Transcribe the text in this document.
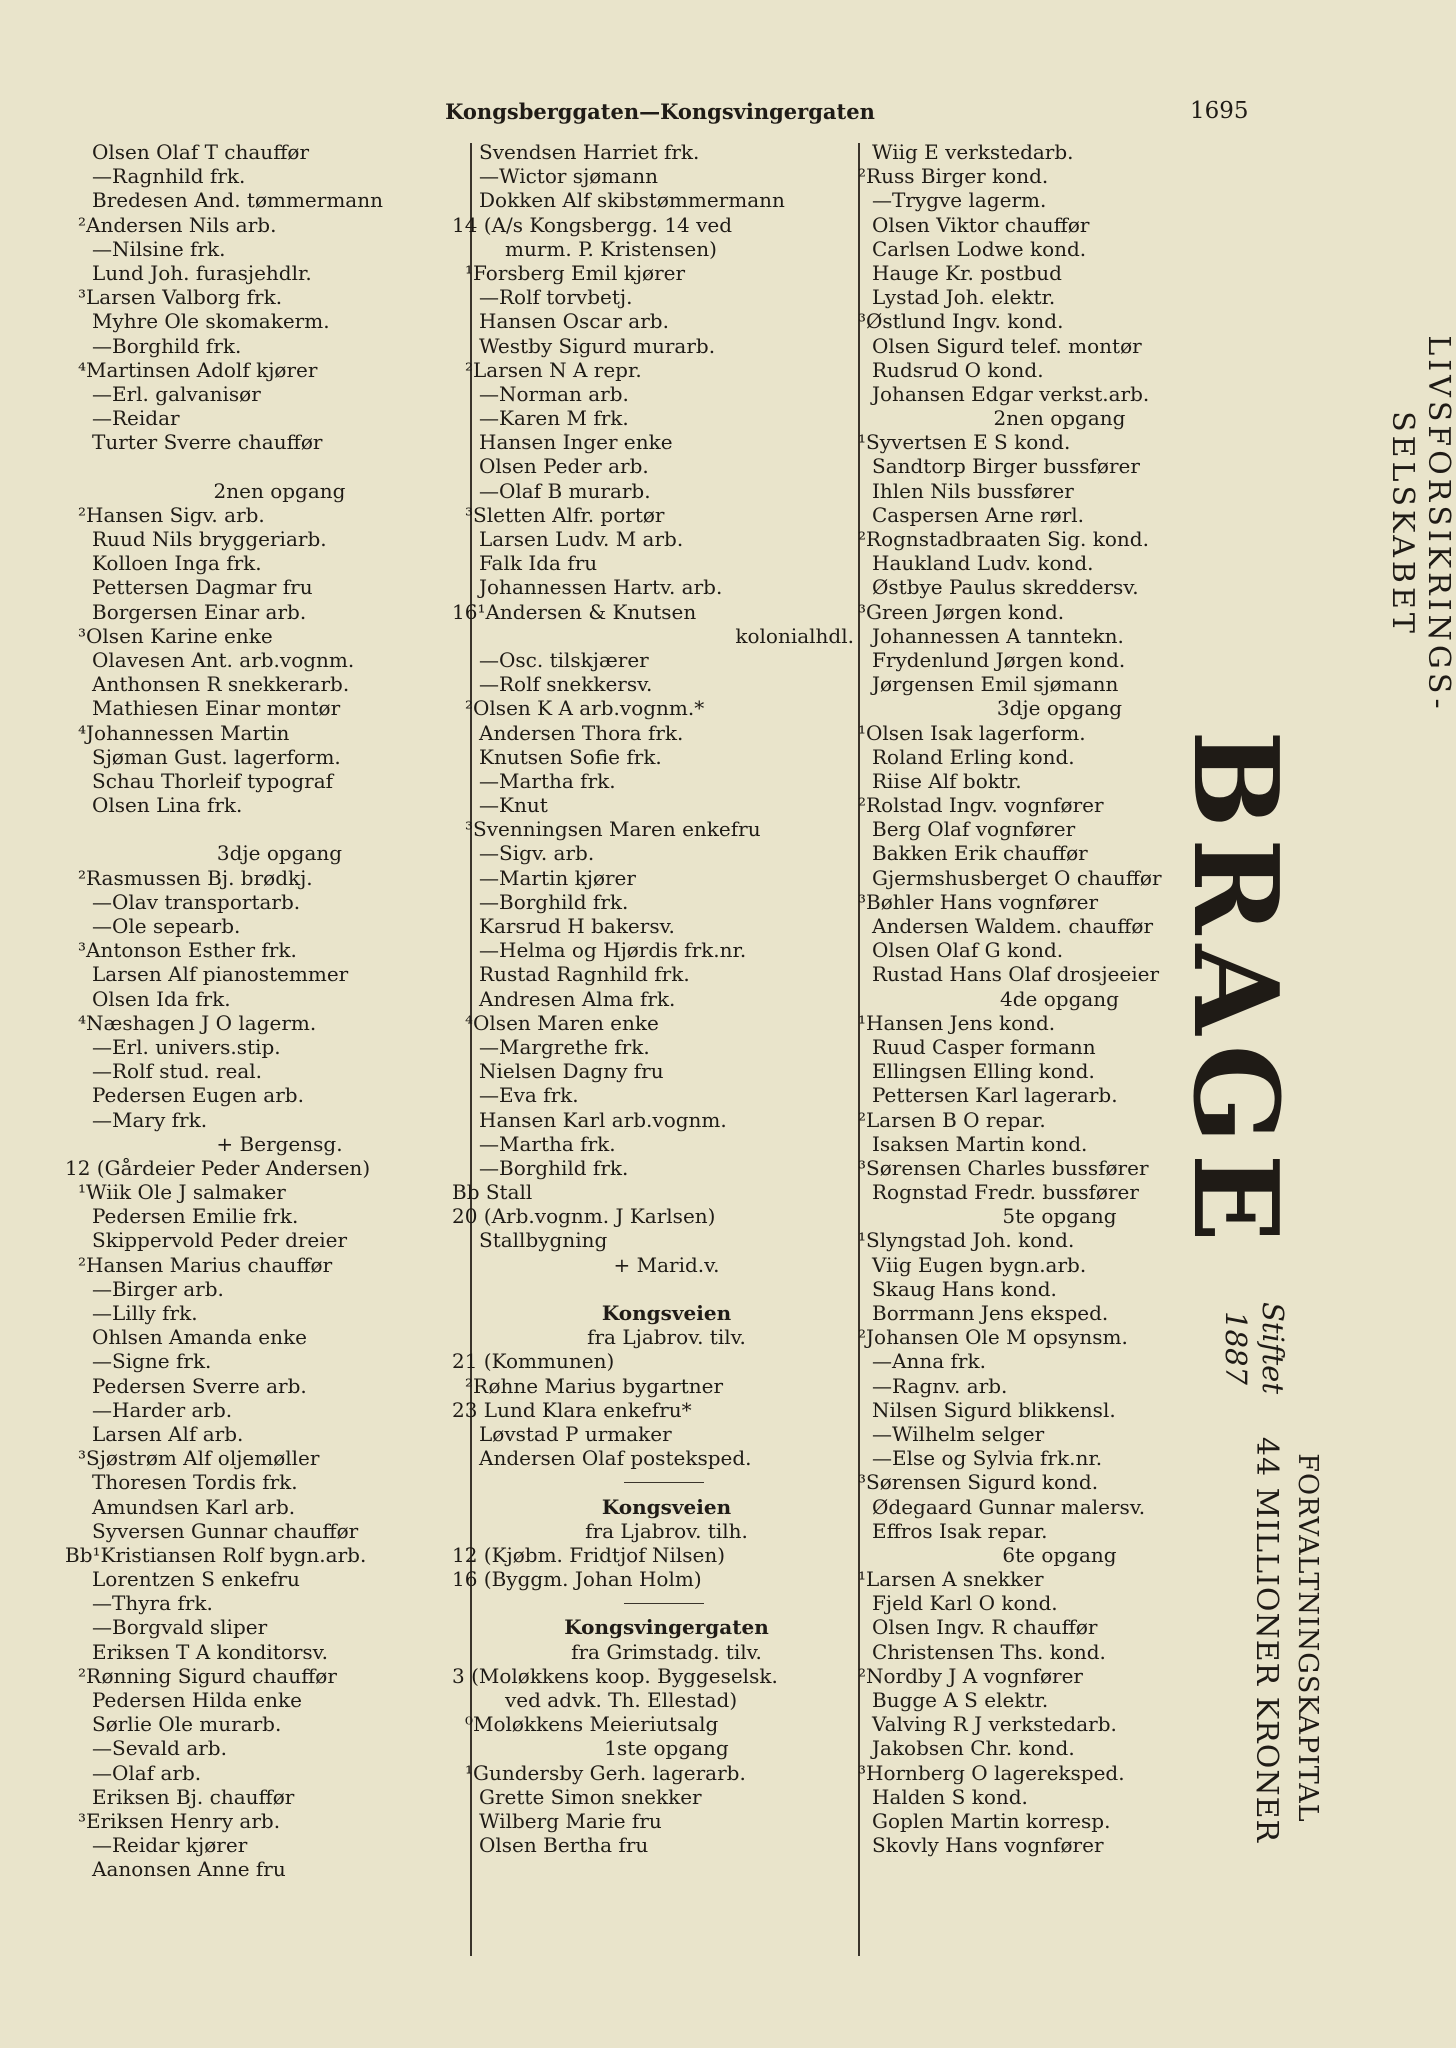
Kongsberggaten—Kongsvingergaten	1695
Olsen Olaf T chauffør
—Ragnhild frk.
Bredesen And. tømmermann
²Andersen Nils arb.
—Nilsine frk.
Lund Joh. furasjehdlr.
³Larsen Valborg frk.
Myhre Ole skomakerm.
—Borghild frk.
⁴Martinsen Adolf kjører
—Erl. galvanisør
—Reidar
Turter Sverre chauffør
2nen opgang
²Hansen Sigv. arb.
Ruud Nils bryggeriarb.
Kolloen Inga frk.
Pettersen Dagmar fru
Borgersen Einar arb.
³Olsen Karine enke
Olavesen Ant. arb.vognm.
Anthonsen R snekkerarb.
Mathiesen Einar montør
⁴Johannessen Martin
Sjøman Gust. lagerform.
Schau Thorleif typograf
Olsen Lina frk.
3dje opgang
²Rasmussen Bj. brødkj.
—Olav transportarb.
—Ole sepearb.
³Antonson Esther frk.
Larsen Alf pianostemmer
Olsen Ida frk.
⁴Næshagen J O lagerm.
—Erl. univers.stip.
—Rolf stud. real.
Pedersen Eugen arb.
—Mary frk.
+ Bergensg.
12 (Gårdeier Peder Andersen)
¹Wiik Ole J salmaker
Pedersen Emilie frk.
Skippervold Peder dreier
²Hansen Marius chauffør
—Birger arb.
—Lilly frk.
Ohlsen Amanda enke
—Signe frk.
Pedersen Sverre arb.
—Harder arb.
Larsen Alf arb.
³Sjøstrøm Alf oljemøller
Thoresen Tordis frk.
Amundsen Karl arb.
Syversen Gunnar chauffør
Bb¹Kristiansen Rolf bygn.arb.
Lorentzen S enkefru
—Thyra frk.
—Borgvald sliper
Eriksen T A konditorsv.
²Rønning Sigurd chauffør
Pedersen Hilda enke
Sørlie Ole murarb.
—Sevald arb.
—Olaf arb.
Eriksen Bj. chauffør
³Eriksen Henry arb.
—Reidar kjører
Aanonsen Anne fru
Svendsen Harriet frk.
—Wictor sjømann
Dokken Alf skibstømmermann
14 (A/s Kongsbergg. 14 ved
murm. P. Kristensen)
¹Forsberg Emil kjører
—Rolf torvbetj.
Hansen Oscar arb.
Westby Sigurd murarb.
²Larsen N A repr.
—Norman arb.
—Karen M frk.
Hansen Inger enke
Olsen Peder arb.
—Olaf B murarb.
³Sletten Alfr. portør
Larsen Ludv. M arb.
Falk Ida fru
Johannessen Hartv. arb.
16¹Andersen & Knutsen
kolonialhdl.
—Osc. tilskjærer
—Rolf snekkersv.
²Olsen K A arb.vognm.*
Andersen Thora frk.
Knutsen Sofie frk.
—Martha frk.
—Knut
³Svenningsen Maren enkefru
—Sigv. arb.
—Martin kjører
—Borghild frk.
Karsrud H bakersv.
—Helma og Hjørdis frk.nr.
Rustad Ragnhild frk.
Andresen Alma frk.
⁴Olsen Maren enke
—Margrethe frk.
Nielsen Dagny fru
—Eva frk.
Hansen Karl arb.vognm.
—Martha frk.
—Borghild frk.
Bb Stall
20 (Arb.vognm. J Karlsen)
Stallbygning
+ Marid.v.
Kongsveien
fra Ljabrov. tilv.
21 (Kommunen)
²Røhne Marius bygartner
23 Lund Klara enkefru*
Løvstad P urmaker
Andersen Olaf posteksped.
Kongsveien
fra Ljabrov. tilh.
12 (Kjøbm. Fridtjof Nilsen)
16 (Byggm. Johan Holm)
Kongsvingergaten
fra Grimstadg. tilv.
3 (Moløkkens koop. Byggeselsk.
ved advk. Th. Ellestad)
⁰Moløkkens Meieriutsalg
1ste opgang
¹Gundersby Gerh. lagerarb.
Grette Simon snekker
Wilberg Marie fru
Olsen Bertha fru
Wiig E verkstedarb.
²Russ Birger kond.
—Trygve lagerm.
Olsen Viktor chauffør
Carlsen Lodwe kond.
Hauge Kr. postbud
Lystad Joh. elektr.
³Østlund Ingv. kond.
Olsen Sigurd telef. montør
Rudsrud O kond.
Johansen Edgar verkst.arb.
2nen opgang
¹Syvertsen E S kond.
Sandtorp Birger bussfører
Ihlen Nils bussfører
Caspersen Arne rørl.
²Rognstadbraaten Sig. kond.
Haukland Ludv. kond.
Østbye Paulus skreddersv.
³Green Jørgen kond.
Johannessen A tanntekn.
Frydenlund Jørgen kond.
Jørgensen Emil sjømann
3dje opgang
¹Olsen Isak lagerform.
Roland Erling kond.
Riise Alf boktr.
²Rolstad Ingv. vognfører
Berg Olaf vognfører
Bakken Erik chauffør
Gjermshusberget O chauffør
³Bøhler Hans vognfører
Andersen Waldem. chauffør
Olsen Olaf G kond.
Rustad Hans Olaf drosjeeier
4de opgang
¹Hansen Jens kond.
Ruud Casper formann
Ellingsen Elling kond.
Pettersen Karl lagerarb.
²Larsen B O repar.
Isaksen Martin kond.
³Sørensen Charles bussfører
Rognstad Fredr. bussfører
5te opgang
¹Slyngstad Joh. kond.
Viig Eugen bygn.arb.
Skaug Hans kond.
Borrmann Jens eksped.
²Johansen Ole M opsynsm.
—Anna frk.
—Ragnv. arb.
Nilsen Sigurd blikkensl.
—Wilhelm selger
—Else og Sylvia frk.nr.
³Sørensen Sigurd kond.
Ødegaard Gunnar malersv.
Effros Isak repar.
6te opgang
¹Larsen A snekker
Fjeld Karl O kond.
Olsen Ingv. R chauffør
Christensen Ths. kond.
²Nordby J A vognfører
Bugge A S elektr.
Valving R J verkstedarb.
Jakobsen Chr. kond.
³Hornberg O lagereksped.
Halden S kond.
Goplen Martin korresp.
Skovly Hans vognfører
LIVSFORSIKRINGS-
SELSKABET
BRAGE
Stiftet
1887
FORVALTNINGSKAPITAL
44 MILLIONER KRONER
